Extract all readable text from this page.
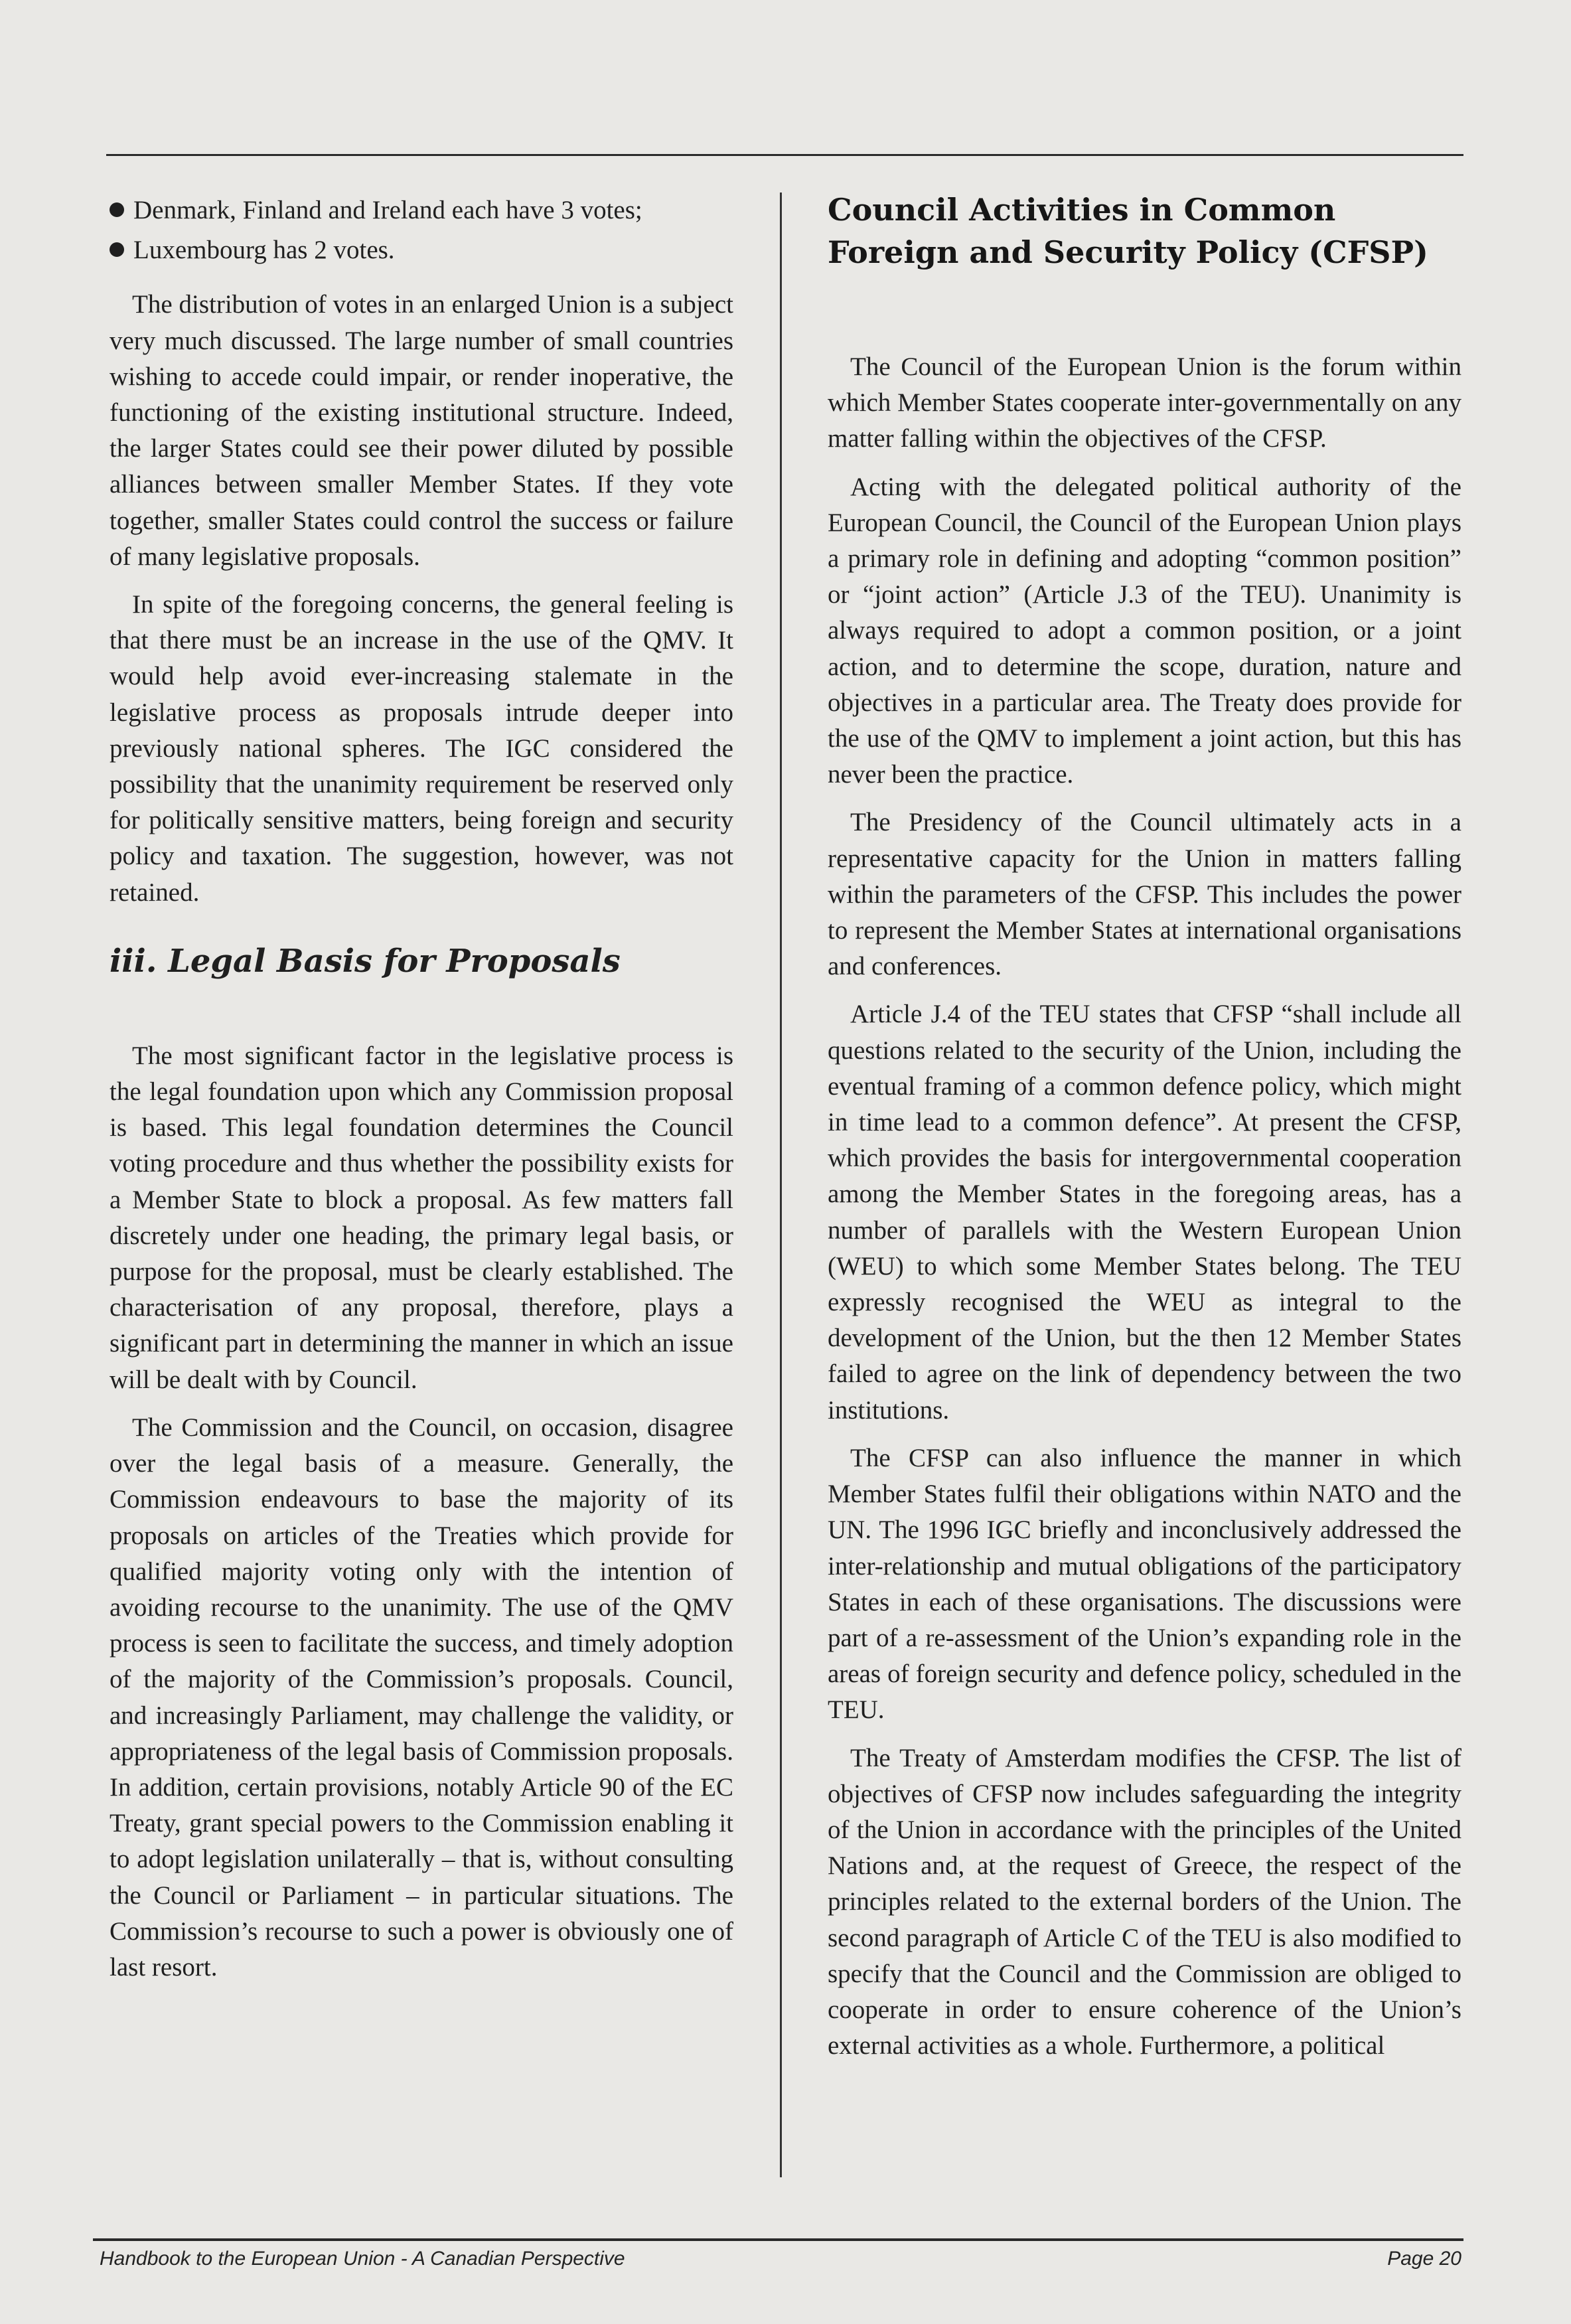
Denmark, Finland and Ireland each have 3 votes;
Luxembourg has 2 votes.

The distribution of votes in an enlarged Union is a subject very much discussed. The large number of small countries wishing to accede could impair, or render inoperative, the functioning of the existing institutional structure. Indeed, the larger States could see their power diluted by possible alliances between smaller Member States. If they vote together, smaller States could control the success or failure of many legislative proposals.

In spite of the foregoing concerns, the general feeling is that there must be an increase in the use of the QMV. It would help avoid ever-increasing stalemate in the legislative process as proposals intrude deeper into previously national spheres. The IGC considered the possibility that the unanimity requirement be reserved only for politically sensitive matters, being foreign and security policy and taxation. The suggestion, however, was not retained.

iii. Legal Basis for Proposals

The most significant factor in the legislative process is the legal foundation upon which any Commission proposal is based. This legal foundation determines the Council voting procedure and thus whether the possibility exists for a Member State to block a proposal. As few matters fall discretely under one heading, the primary legal basis, or purpose for the proposal, must be clearly established. The characterisation of any proposal, therefore, plays a significant part in determining the manner in which an issue will be dealt with by Council.

The Commission and the Council, on occasion, disagree over the legal basis of a measure. Generally, the Commission endeavours to base the majority of its proposals on articles of the Treaties which provide for qualified majority voting only with the intention of avoiding recourse to the unanimity. The use of the QMV process is seen to facilitate the success, and timely adoption of the majority of the Commission’s proposals. Council, and increasingly Parliament, may challenge the validity, or appropriateness of the legal basis of Commission proposals. In addition, certain provisions, notably Article 90 of the EC Treaty, grant special powers to the Commission enabling it to adopt legislation unilaterally – that is, without consulting the Council or Parliament – in particular situations. The Commission’s recourse to such a power is obviously one of last resort.

Council Activities in Common Foreign and Security Policy (CFSP)

The Council of the European Union is the forum within which Member States cooperate inter-governmentally on any matter falling within the objectives of the CFSP.

Acting with the delegated political authority of the European Council, the Council of the European Union plays a primary role in defining and adopting “common position” or “joint action” (Article J.3 of the TEU). Unanimity is always required to adopt a common position, or a joint action, and to determine the scope, duration, nature and objectives in a particular area. The Treaty does provide for the use of the QMV to implement a joint action, but this has never been the practice.

The Presidency of the Council ultimately acts in a representative capacity for the Union in matters falling within the parameters of the CFSP. This includes the power to represent the Member States at international organisations and conferences.

Article J.4 of the TEU states that CFSP “shall include all questions related to the security of the Union, including the eventual framing of a common defence policy, which might in time lead to a common defence”. At present the CFSP, which provides the basis for intergovernmental cooperation among the Member States in the foregoing areas, has a number of parallels with the Western European Union (WEU) to which some Member States belong. The TEU expressly recognised the WEU as integral to the development of the Union, but the then 12 Member States failed to agree on the link of dependency between the two institutions.

The CFSP can also influence the manner in which Member States fulfil their obligations within NATO and the UN. The 1996 IGC briefly and inconclusively addressed the inter-relationship and mutual obligations of the participatory States in each of these organisations. The discussions were part of a re-assessment of the Union’s expanding role in the areas of foreign security and defence policy, scheduled in the TEU.

The Treaty of Amsterdam modifies the CFSP. The list of objectives of CFSP now includes safeguarding the integrity of the Union in accordance with the principles of the United Nations and, at the request of Greece, the respect of the principles related to the external borders of the Union. The second paragraph of Article C of the TEU is also modified to specify that the Council and the Commission are obliged to cooperate in order to ensure coherence of the Union’s external activities as a whole. Furthermore, a political

Handbook to the European Union - A Canadian Perspective	Page 20
